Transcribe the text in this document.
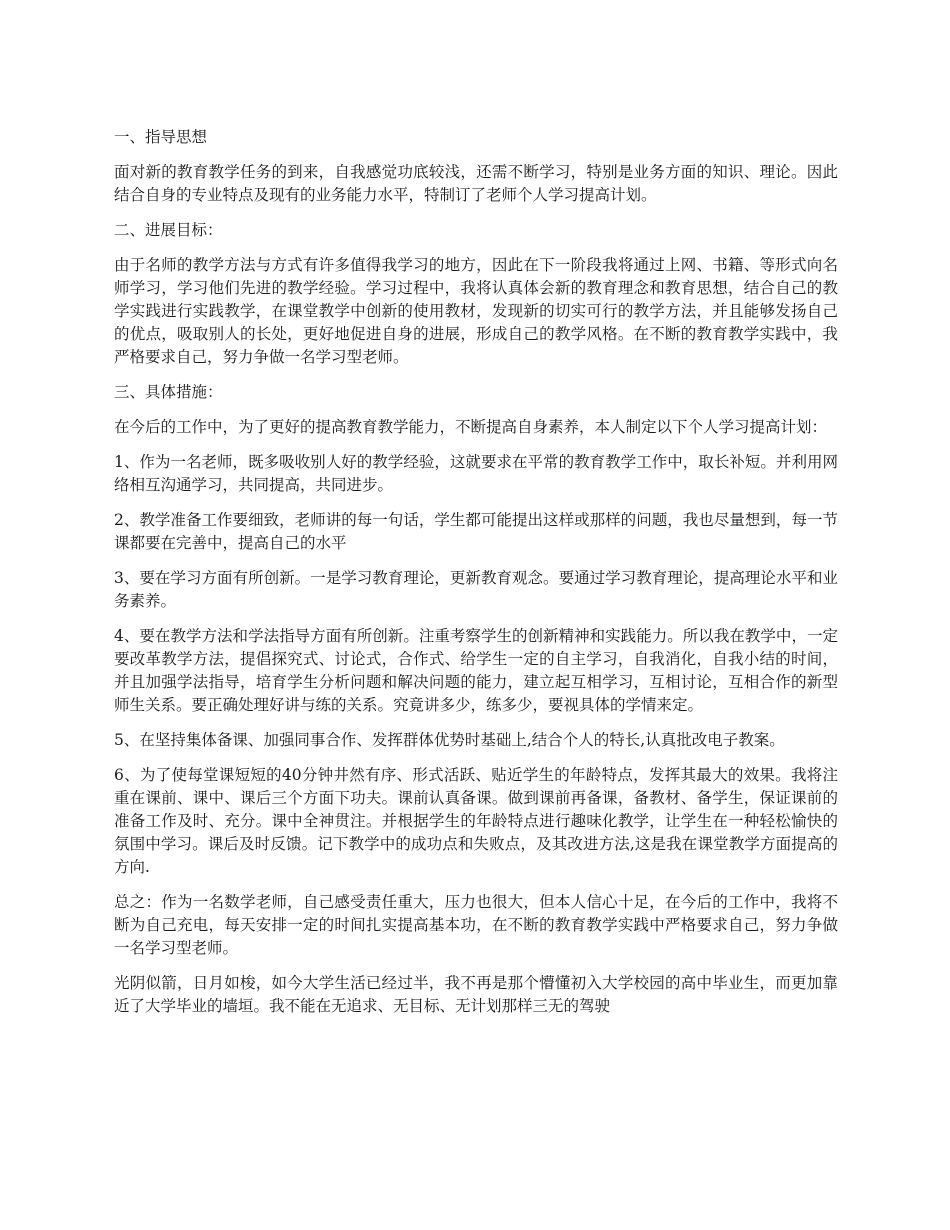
一、指导思想

面对新的教育教学任务的到来，自我感觉功底较浅，还需不断学习，特别是业务方面的知识、理论。因此结合自身的专业特点及现有的业务能力水平，特制订了老师个人学习提高计划。

二、进展目标：

由于名师的教学方法与方式有许多值得我学习的地方，因此在下一阶段我将通过上网、书籍、等形式向名师学习，学习他们先进的教学经验。学习过程中，我将认真体会新的教育理念和教育思想，结合自己的教学实践进行实践教学，在课堂教学中创新的使用教材，发现新的切实可行的教学方法，并且能够发扬自己的优点，吸取别人的长处，更好地促进自身的进展，形成自己的教学风格。在不断的教育教学实践中，我严格要求自己，努力争做一名学习型老师。

三、具体措施：

在今后的工作中，为了更好的提高教育教学能力，不断提高自身素养，本人制定以下个人学习提高计划：

1、作为一名老师，既多吸收别人好的教学经验，这就要求在平常的教育教学工作中，取长补短。并利用网络相互沟通学习，共同提高，共同进步。

2、教学准备工作要细致，老师讲的每一句话，学生都可能提出这样或那样的问题，我也尽量想到，每一节课都要在完善中，提高自己的水平

3、要在学习方面有所创新。一是学习教育理论，更新教育观念。要通过学习教育理论，提高理论水平和业务素养。

4、要在教学方法和学法指导方面有所创新。注重考察学生的创新精神和实践能力。所以我在教学中，一定要改革教学方法，提倡探究式、讨论式，合作式、给学生一定的自主学习，自我消化，自我小结的时间，并且加强学法指导，培育学生分析问题和解决问题的能力，建立起互相学习，互相讨论，互相合作的新型师生关系。要正确处理好讲与练的关系。究竟讲多少，练多少，要视具体的学情来定。

5、在坚持集体备课、加强同事合作、发挥群体优势时基础上,结合个人的特长,认真批改电子教案。

6、为了使每堂课短短的40分钟井然有序、形式活跃、贴近学生的年龄特点，发挥其最大的效果。我将注重在课前、课中、课后三个方面下功夫。课前认真备课。做到课前再备课，备教材、备学生，保证课前的准备工作及时、充分。课中全神贯注。并根据学生的年龄特点进行趣味化教学，让学生在一种轻松愉快的氛围中学习。课后及时反馈。记下教学中的成功点和失败点，及其改进方法,这是我在课堂教学方面提高的方向.

总之：作为一名数学老师，自己感受责任重大，压力也很大，但本人信心十足，在今后的工作中，我将不断为自己充电，每天安排一定的时间扎实提高基本功，在不断的教育教学实践中严格要求自己，努力争做一名学习型老师。

光阴似箭，日月如梭，如今大学生活已经过半，我不再是那个懵懂初入大学校园的高中毕业生，而更加靠近了大学毕业的墙垣。我不能在无追求、无目标、无计划那样三无的驾驶
